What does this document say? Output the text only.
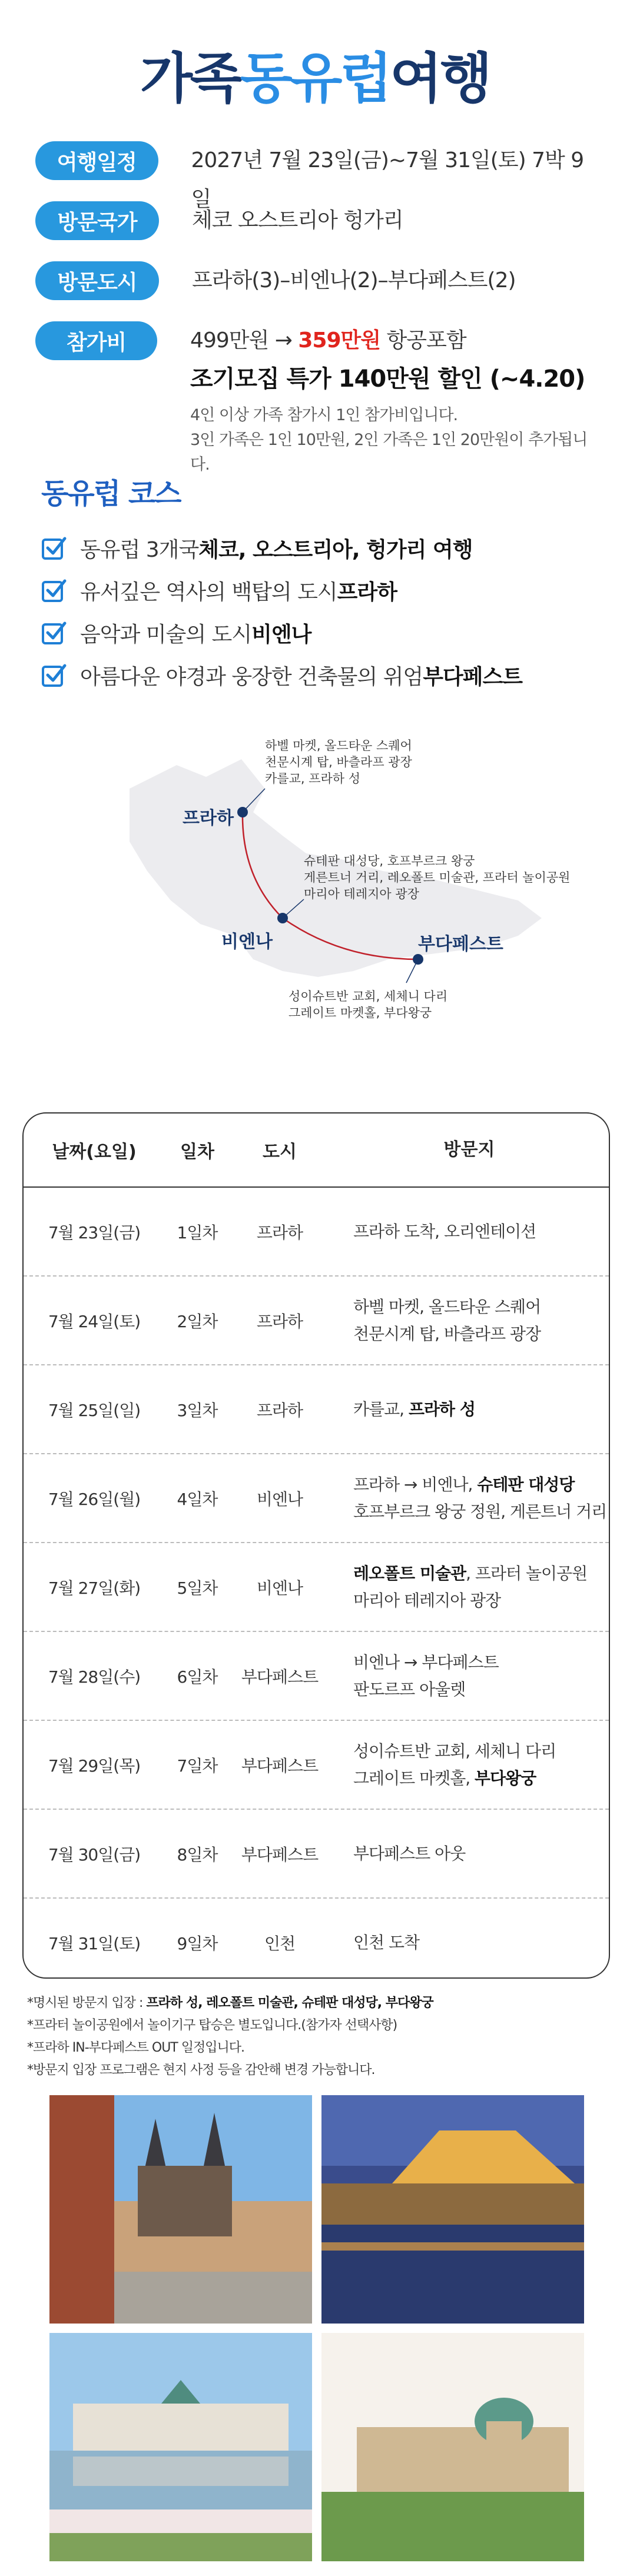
가족동유럽여행
여행일정	2027년 7월 23일(금)~7월 31일(토) 7박 9일
방문국가	체코 오스트리아 헝가리
방문도시	프라하(3)–비엔나(2)–부다페스트(2)
참가비	499만원 → 359만원 항공포함
조기모집 특가 140만원 할인 (~4.20)
4인 이상 가족 참가시 1인 참가비입니다.
3인 가족은 1인 10만원, 2인 가족은 1인 20만원이 추가됩니다.
동유럽 코스
동유럽 3개국 체코, 오스트리아, 헝가리 여행
유서깊은 역사의 백탑의 도시 프라하
음악과 미술의 도시 비엔나
아름다운 야경과 웅장한 건축물의 위엄 부다페스트
프라하
비엔나	부다페스트
하벨 마켓, 올드타운 스퀘어
천문시계 탑, 바츨라프 광장
카를교, 프라하 성
슈테판 대성당, 호프부르크 왕궁
게른트너 거리, 레오폴트 미술관, 프라터 놀이공원
마리아 테레지아 광장
성이슈트반 교회, 세체니 다리
그레이트 마켓홀, 부다왕궁
날짜(요일)	일차	도시	방문지
7월 23일(금)	1일차	프라하	프라하 도착, 오리엔테이션
7월 24일(토)	2일차	프라하
하벨 마켓, 올드타운 스퀘어
천문시계 탑, 바츨라프 광장
7월 25일(일)	3일차	프라하	카를교, 프라하 성
7월 26일(월)	4일차	비엔나
프라하 → 비엔나, 슈테판 대성당
호프부르크 왕궁 정원, 게른트너 거리
7월 27일(화)	5일차	비엔나
레오폴트 미술관, 프라터 놀이공원
마리아 테레지아 광장
7월 28일(수)	6일차	부다페스트
비엔나 → 부다페스트
판도르프 아울렛
7월 29일(목)	7일차	부다페스트
성이슈트반 교회, 세체니 다리
그레이트 마켓홀, 부다왕궁
7월 30일(금)	8일차	부다페스트	부다페스트 아웃
7월 31일(토)	9일차	인천	인천 도착
*명시된 방문지 입장 : 프라하 성, 레오폴트 미술관, 슈테판 대성당, 부다왕궁
*프라터 놀이공원에서 놀이기구 탑승은 별도입니다.(참가자 선택사항)
*프라하 IN-부다페스트 OUT 일정입니다.
*방문지 입장 프로그램은 현지 사정 등을 감안해 변경 가능합니다.
